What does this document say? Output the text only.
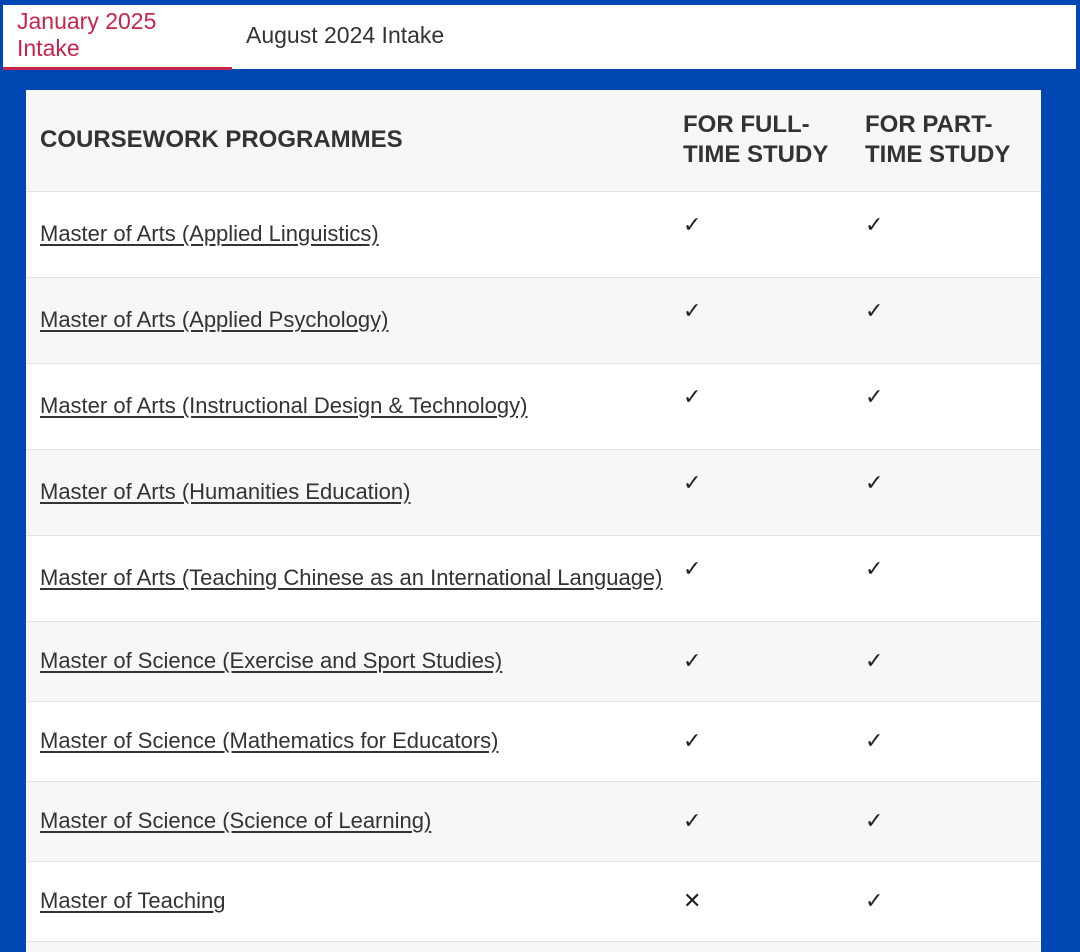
January 2025 Intake
August 2024 Intake
COURSEWORK PROGRAMMES	FOR FULL-TIME STUDY	FOR PART-TIME STUDY
Master of Arts (Applied Linguistics)	✓	✓
Master of Arts (Applied Psychology)	✓	✓
Master of Arts (Instructional Design & Technology)	✓	✓
Master of Arts (Humanities Education)	✓	✓
Master of Arts (Teaching Chinese as an International Language)	✓	✓
Master of Science (Exercise and Sport Studies)	✓	✓
Master of Science (Mathematics for Educators)	✓	✓
Master of Science (Science of Learning)	✓	✓
Master of Teaching	✕	✓
